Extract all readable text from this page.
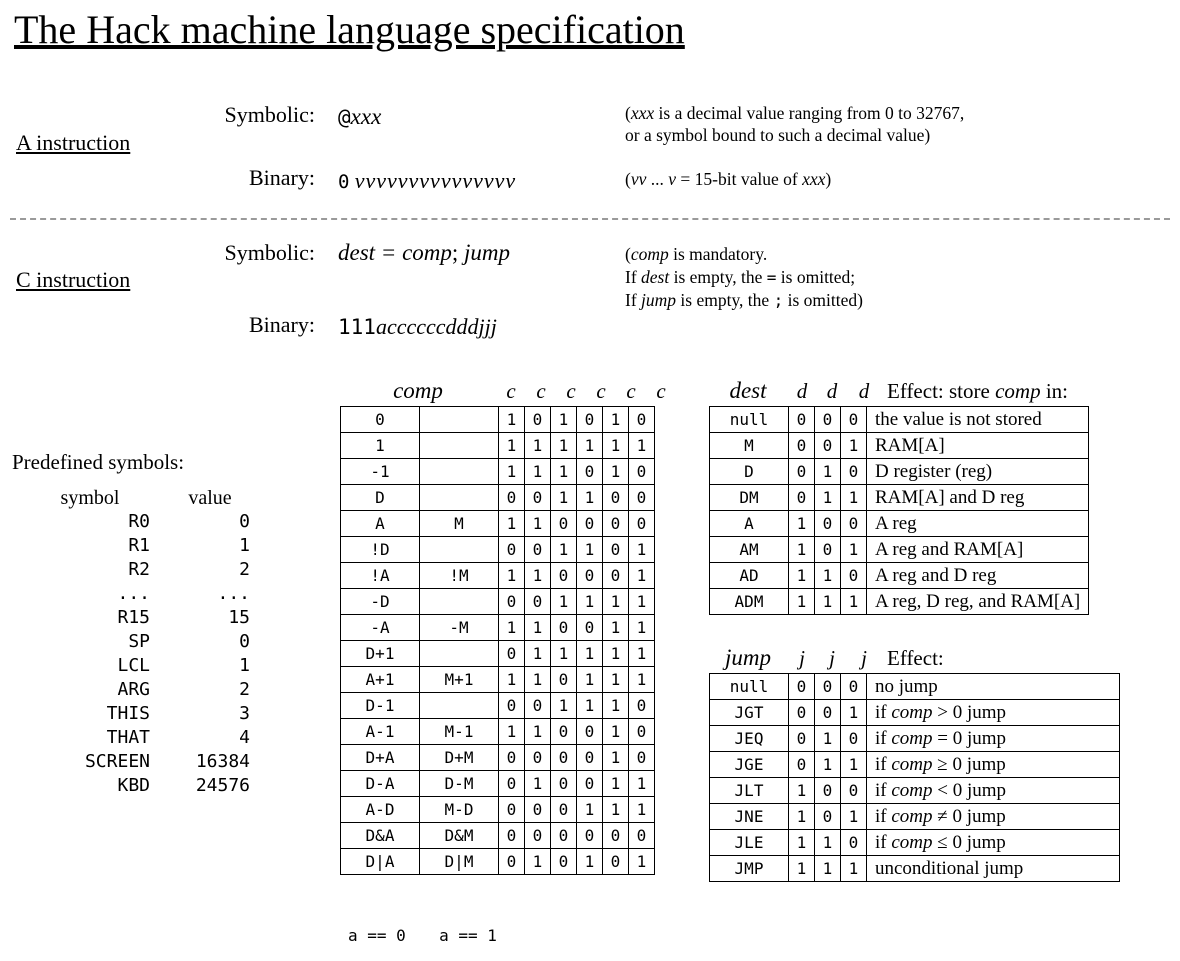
The Hack machine language specification
A instruction
Symbolic: @xxx	(xxx is a decimal value ranging from 0 to 32767,
or a symbol bound to such a decimal value)
Binary: 0 vvvvvvvvvvvvvvv	(vv ... v = 15-bit value of xxx)
C instruction
Symbolic: dest = comp; jump	(comp is mandatory.
If dest is empty, the = is omitted;
If jump is empty, the ; is omitted)
Binary: 111accccccdddjjj
Predefined symbols:
symbol	value
R0	0
R1	1
R2	2
...	...
R15	15
SP	0
LCL	1
ARG	2
THIS	3
THAT	4
SCREEN	16384
KBD	24576
comp	c c c c c c
0		1	0	1	0	1	0
1		1	1	1	1	1	1
-1		1	1	1	0	1	0
D		0	0	1	1	0	0
A	M	1	1	0	0	0	0
!D		0	0	1	1	0	1
!A	!M	1	1	0	0	0	1
-D		0	0	1	1	1	1
-A	-M	1	1	0	0	1	1
D+1		0	1	1	1	1	1
A+1	M+1	1	1	0	1	1	1
D-1		0	0	1	1	1	0
A-1	M-1	1	1	0	0	1	0
D+A	D+M	0	0	0	0	1	0
D-A	D-M	0	1	0	0	1	1
A-D	M-D	0	0	0	1	1	1
D&A	D&M	0	0	0	0	0	0
D|A	D|M	0	1	0	1	0	1
a == 0 a == 1
dest d d d Effect: store comp in:
null	0	0	0	the value is not stored
M	0	0	1	RAM[A]
D	0	1	0	D register (reg)
DM	0	1	1	RAM[A] and D reg
A	1	0	0	A reg
AM	1	0	1	A reg and RAM[A]
AD	1	1	0	A reg and D reg
ADM	1	1	1	A reg, D reg, and RAM[A]
jump j j j Effect:
null	0	0	0	no jump
JGT	0	0	1	if comp > 0 jump
JEQ	0	1	0	if comp = 0 jump
JGE	0	1	1	if comp ≥ 0 jump
JLT	1	0	0	if comp < 0 jump
JNE	1	0	1	if comp ≠ 0 jump
JLE	1	1	0	if comp ≤ 0 jump
JMP	1	1	1	unconditional jump
